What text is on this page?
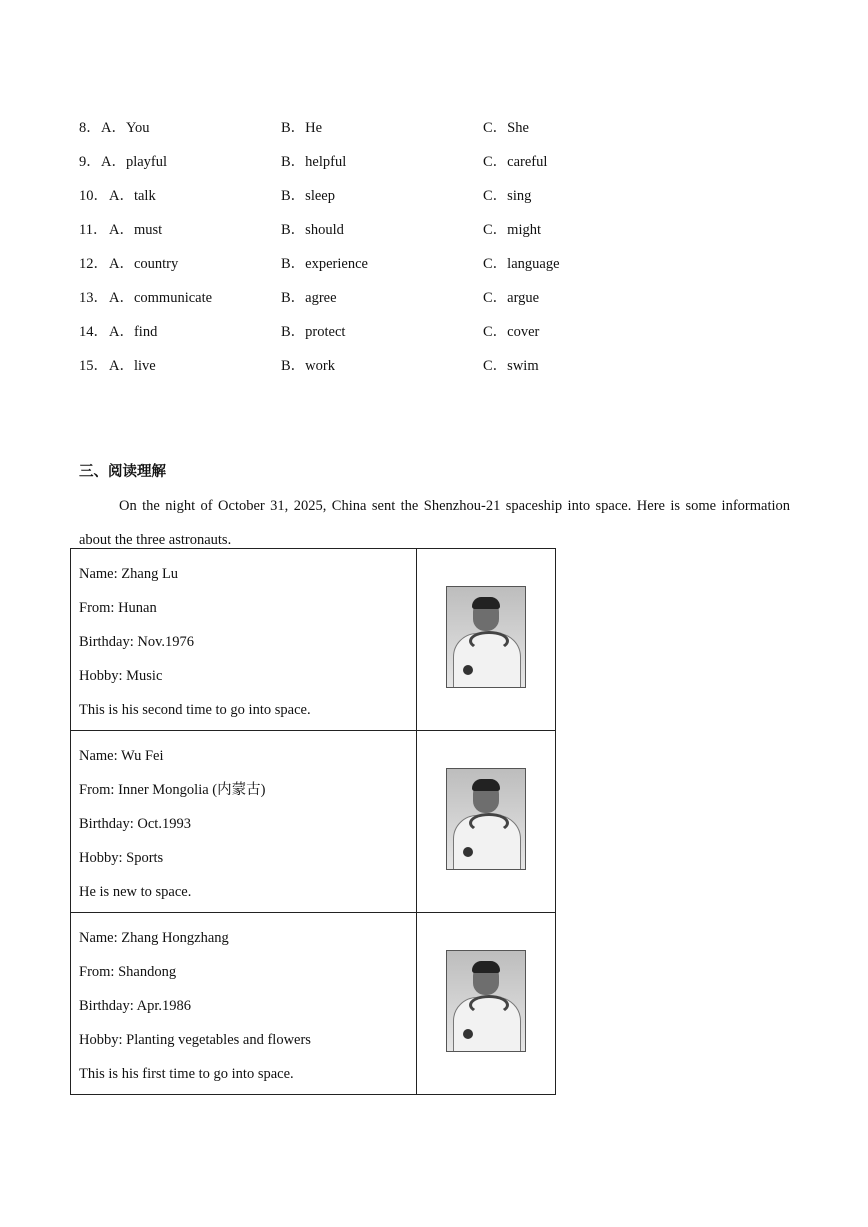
8． A．You	B．He	C．She
9． A．playful	B．helpful	C．careful
10． A．talk	B．sleep	C．sing
11． A．must	B．should	C．might
12． A．country	B．experience	C．language
13． A．communicate	B．agree	C．argue
14． A．find	B．protect	C．cover
15． A．live	B．work	C．swim
三、阅读理解
On the night of October 31, 2025, China sent the Shenzhou-21 spaceship into space. Here is some information about the three astronauts.
Name: Zhang Lu
From: Hunan
Birthday: Nov.1976
Hobby: Music
This is his second time to go into space.	

Name: Wu Fei
From: Inner Mongolia (内蒙古)
Birthday: Oct.1993
Hobby: Sports
He is new to space.	

Name: Zhang Hongzhang
From: Shandong
Birthday: Apr.1986
Hobby: Planting vegetables and flowers
This is his first time to go into space.	
